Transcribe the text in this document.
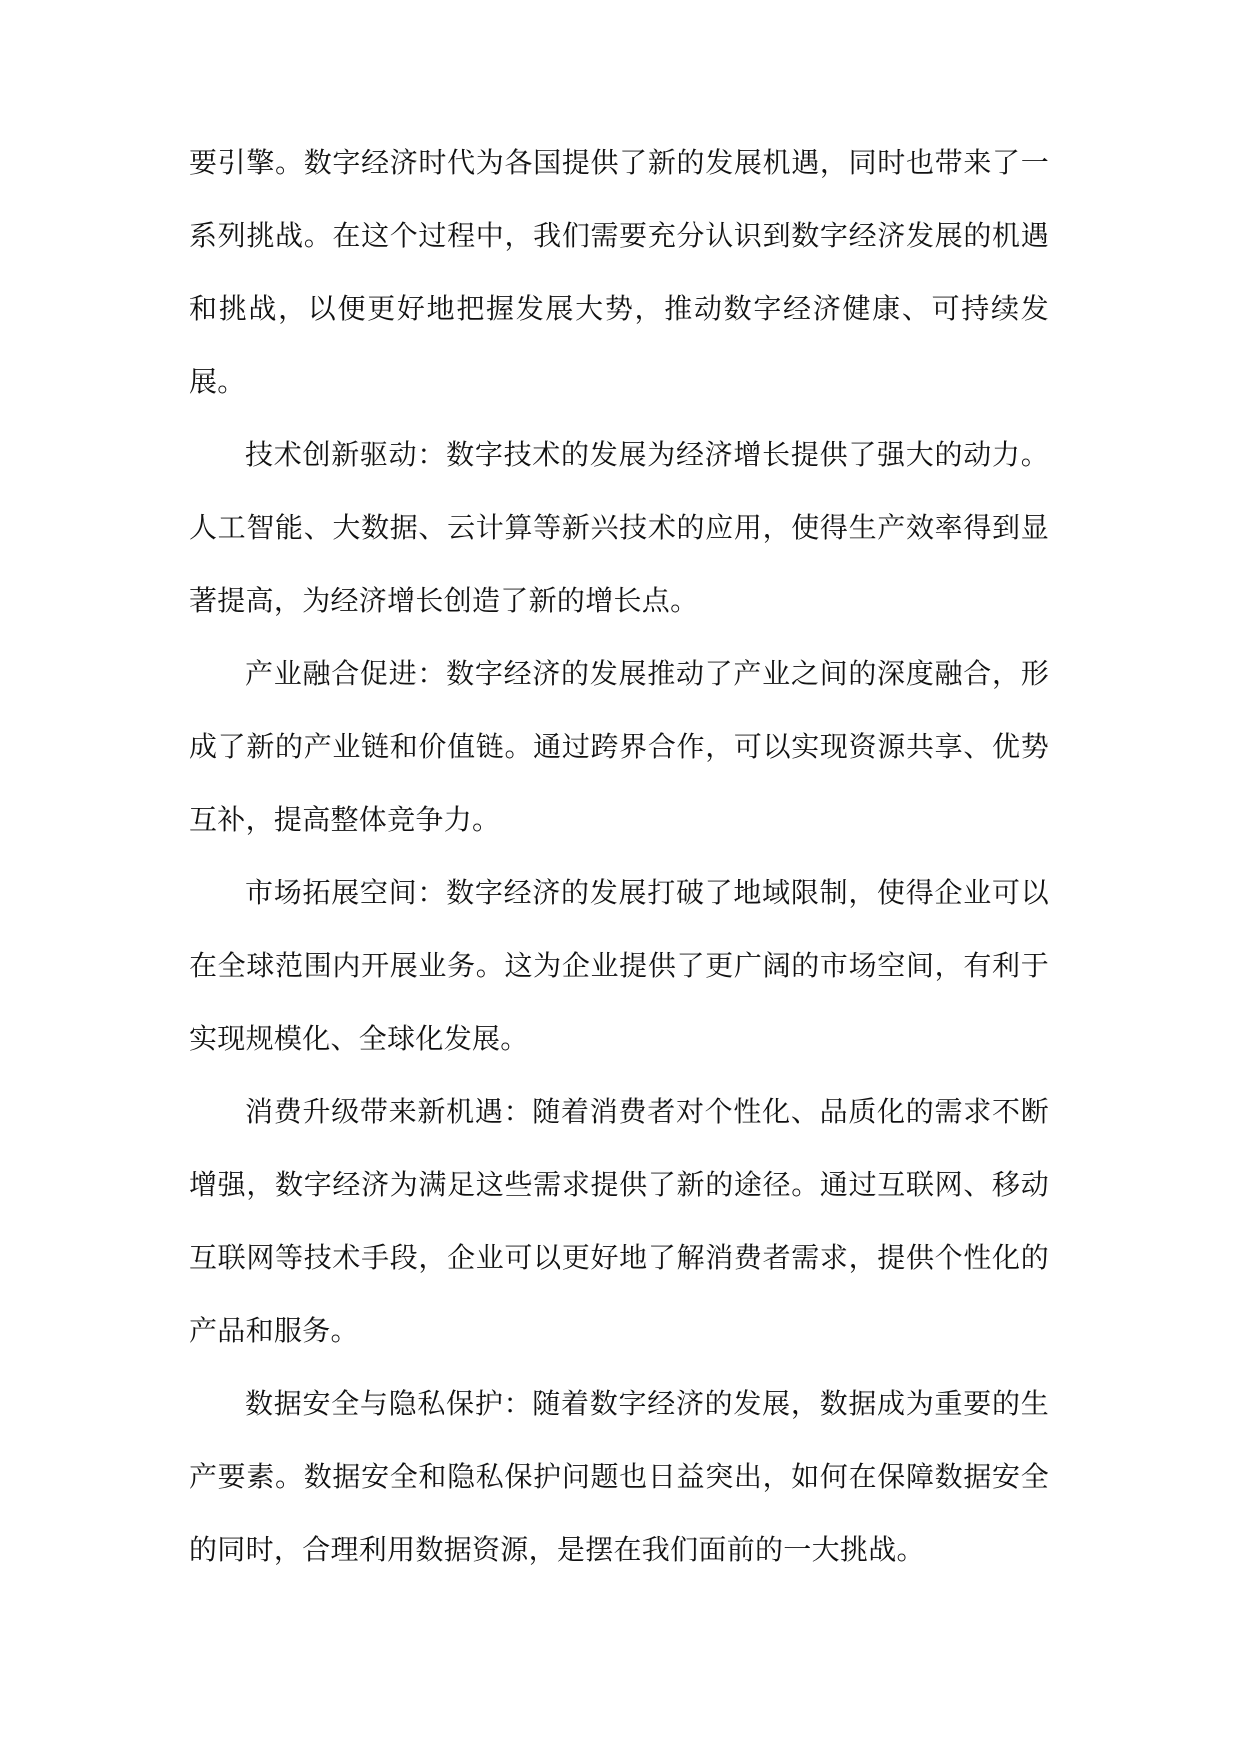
要引擎。数字经济时代为各国提供了新的发展机遇，同时也带来了一系列挑战。在这个过程中，我们需要充分认识到数字经济发展的机遇和挑战，以便更好地把握发展大势，推动数字经济健康、可持续发展。

技术创新驱动：数字技术的发展为经济增长提供了强大的动力。人工智能、大数据、云计算等新兴技术的应用，使得生产效率得到显著提高，为经济增长创造了新的增长点。

产业融合促进：数字经济的发展推动了产业之间的深度融合，形成了新的产业链和价值链。通过跨界合作，可以实现资源共享、优势互补，提高整体竞争力。

市场拓展空间：数字经济的发展打破了地域限制，使得企业可以在全球范围内开展业务。这为企业提供了更广阔的市场空间，有利于实现规模化、全球化发展。

消费升级带来新机遇：随着消费者对个性化、品质化的需求不断增强，数字经济为满足这些需求提供了新的途径。通过互联网、移动互联网等技术手段，企业可以更好地了解消费者需求，提供个性化的产品和服务。

数据安全与隐私保护：随着数字经济的发展，数据成为重要的生产要素。数据安全和隐私保护问题也日益突出，如何在保障数据安全的同时，合理利用数据资源，是摆在我们面前的一大挑战。
